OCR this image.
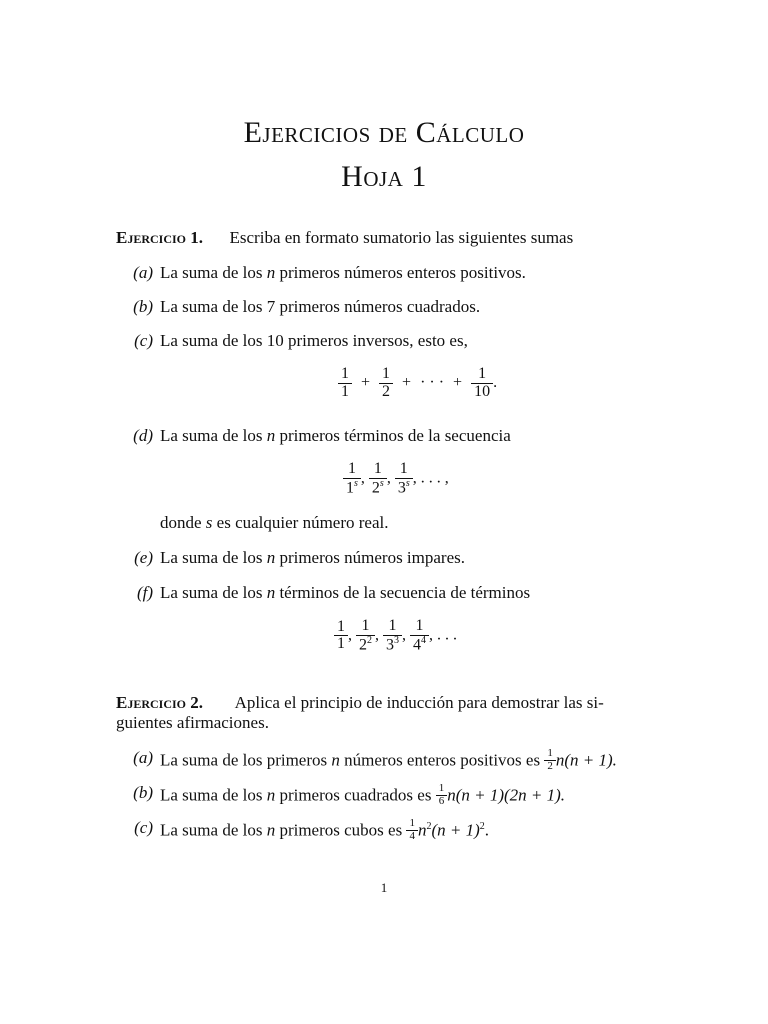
Ejercicios de Cálculo
Hoja 1
Ejercicio 1. Escriba en formato sumatorio las siguientes sumas
(a) La suma de los n primeros números enteros positivos.
(b) La suma de los 7 primeros números cuadrados.
(c) La suma de los 10 primeros inversos, esto es,
$\frac{1}{1} + \frac{1}{2}$ + · · · + $\frac{1}{10}$ .
(d) La suma de los n primeros términos de la secuencia
$\frac{1}{1^s}$ , $\frac{1}{2^s}$ , $\frac{1}{3^s}$ , . . . ,
donde s es cualquier número real.
(e) La suma de los n primeros números impares.
(f) La suma de los n términos de la secuencia de términos
$\frac{1}{1}$ , $\frac{1}{2^2}$ , $\frac{1}{3^3}$ , $\frac{1}{4^4}$ , . . .
Ejercicio 2. Aplica el principio de inducción para demostrar las si-
guientes afirmaciones.
(a) La suma de los primeros n números enteros positivos es $\frac{1}{2} n(n + 1)$.
(b) La suma de los n primeros cuadrados es $\frac{1}{6} n(n + 1)(2n + 1)$.
(c) La suma de los n primeros cubos es $\frac{1}{4} n^2(n + 1)^2$.
1
